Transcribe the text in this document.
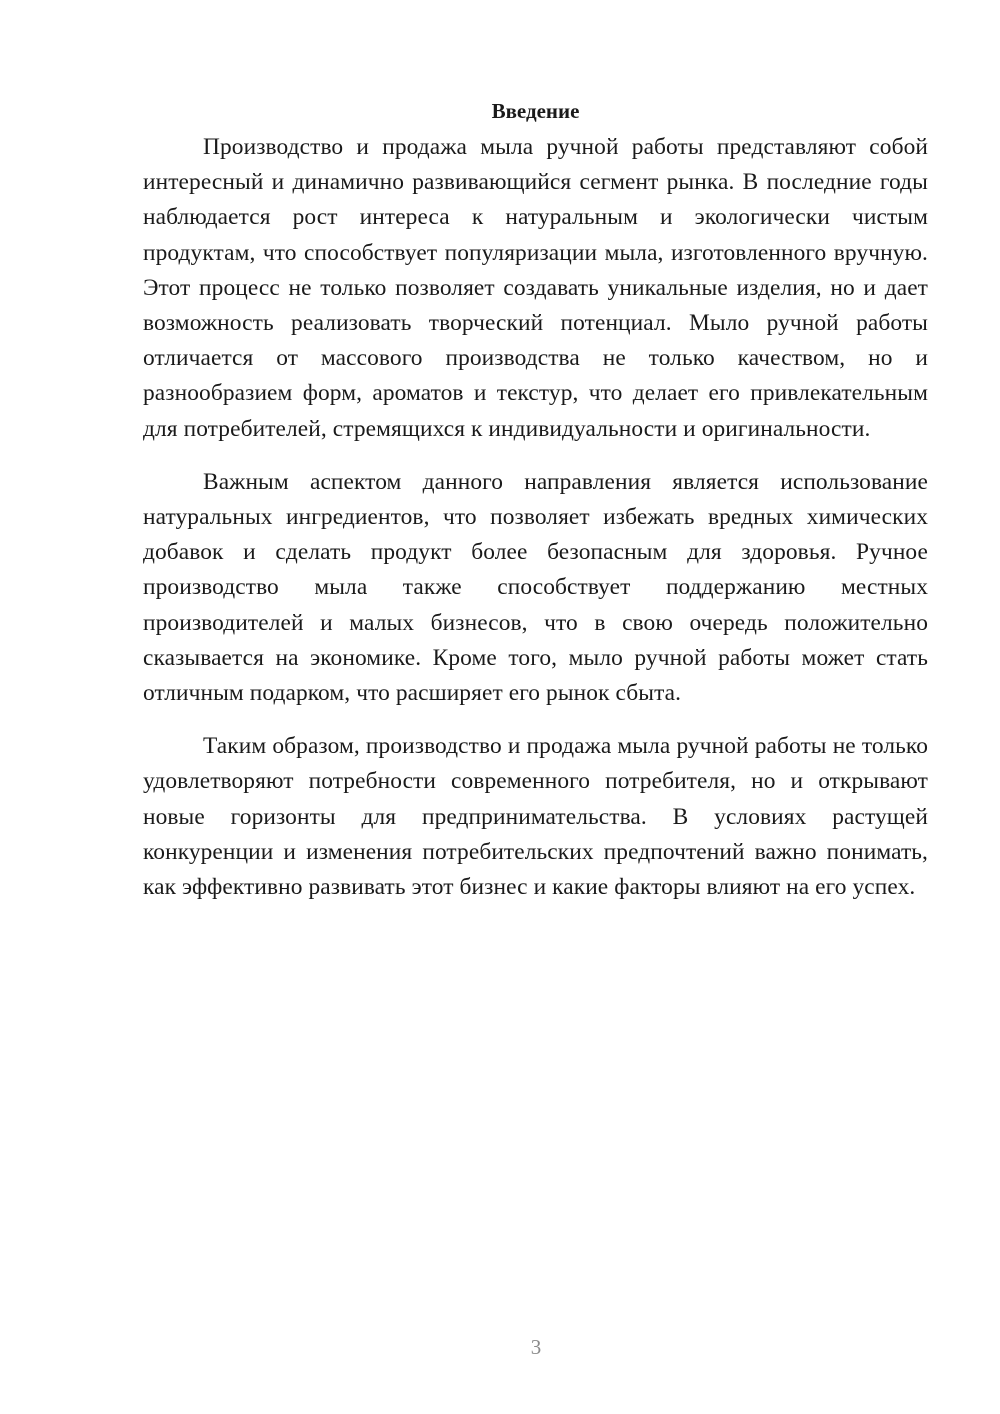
Введение

Производство и продажа мыла ручной работы представляют собой интересный и динамично развивающийся сегмент рынка. В последние годы наблюдается рост интереса к натуральным и экологически чистым продуктам, что способствует популяризации мыла, изготовленного вручную. Этот процесс не только позволяет создавать уникальные изделия, но и дает возможность реализовать творческий потенциал. Мыло ручной работы отличается от массового производства не только качеством, но и разнообразием форм, ароматов и текстур, что делает его привлекательным для потребителей, стремящихся к индивидуальности и оригинальности.

Важным аспектом данного направления является использование натуральных ингредиентов, что позволяет избежать вредных химических добавок и сделать продукт более безопасным для здоровья. Ручное производство мыла также способствует поддержанию местных производителей и малых бизнесов, что в свою очередь положительно сказывается на экономике. Кроме того, мыло ручной работы может стать отличным подарком, что расширяет его рынок сбыта.

Таким образом, производство и продажа мыла ручной работы не только удовлетворяют потребности современного потребителя, но и открывают новые горизонты для предпринимательства. В условиях растущей конкуренции и изменения потребительских предпочтений важно понимать, как эффективно развивать этот бизнес и какие факторы влияют на его успех.

3
